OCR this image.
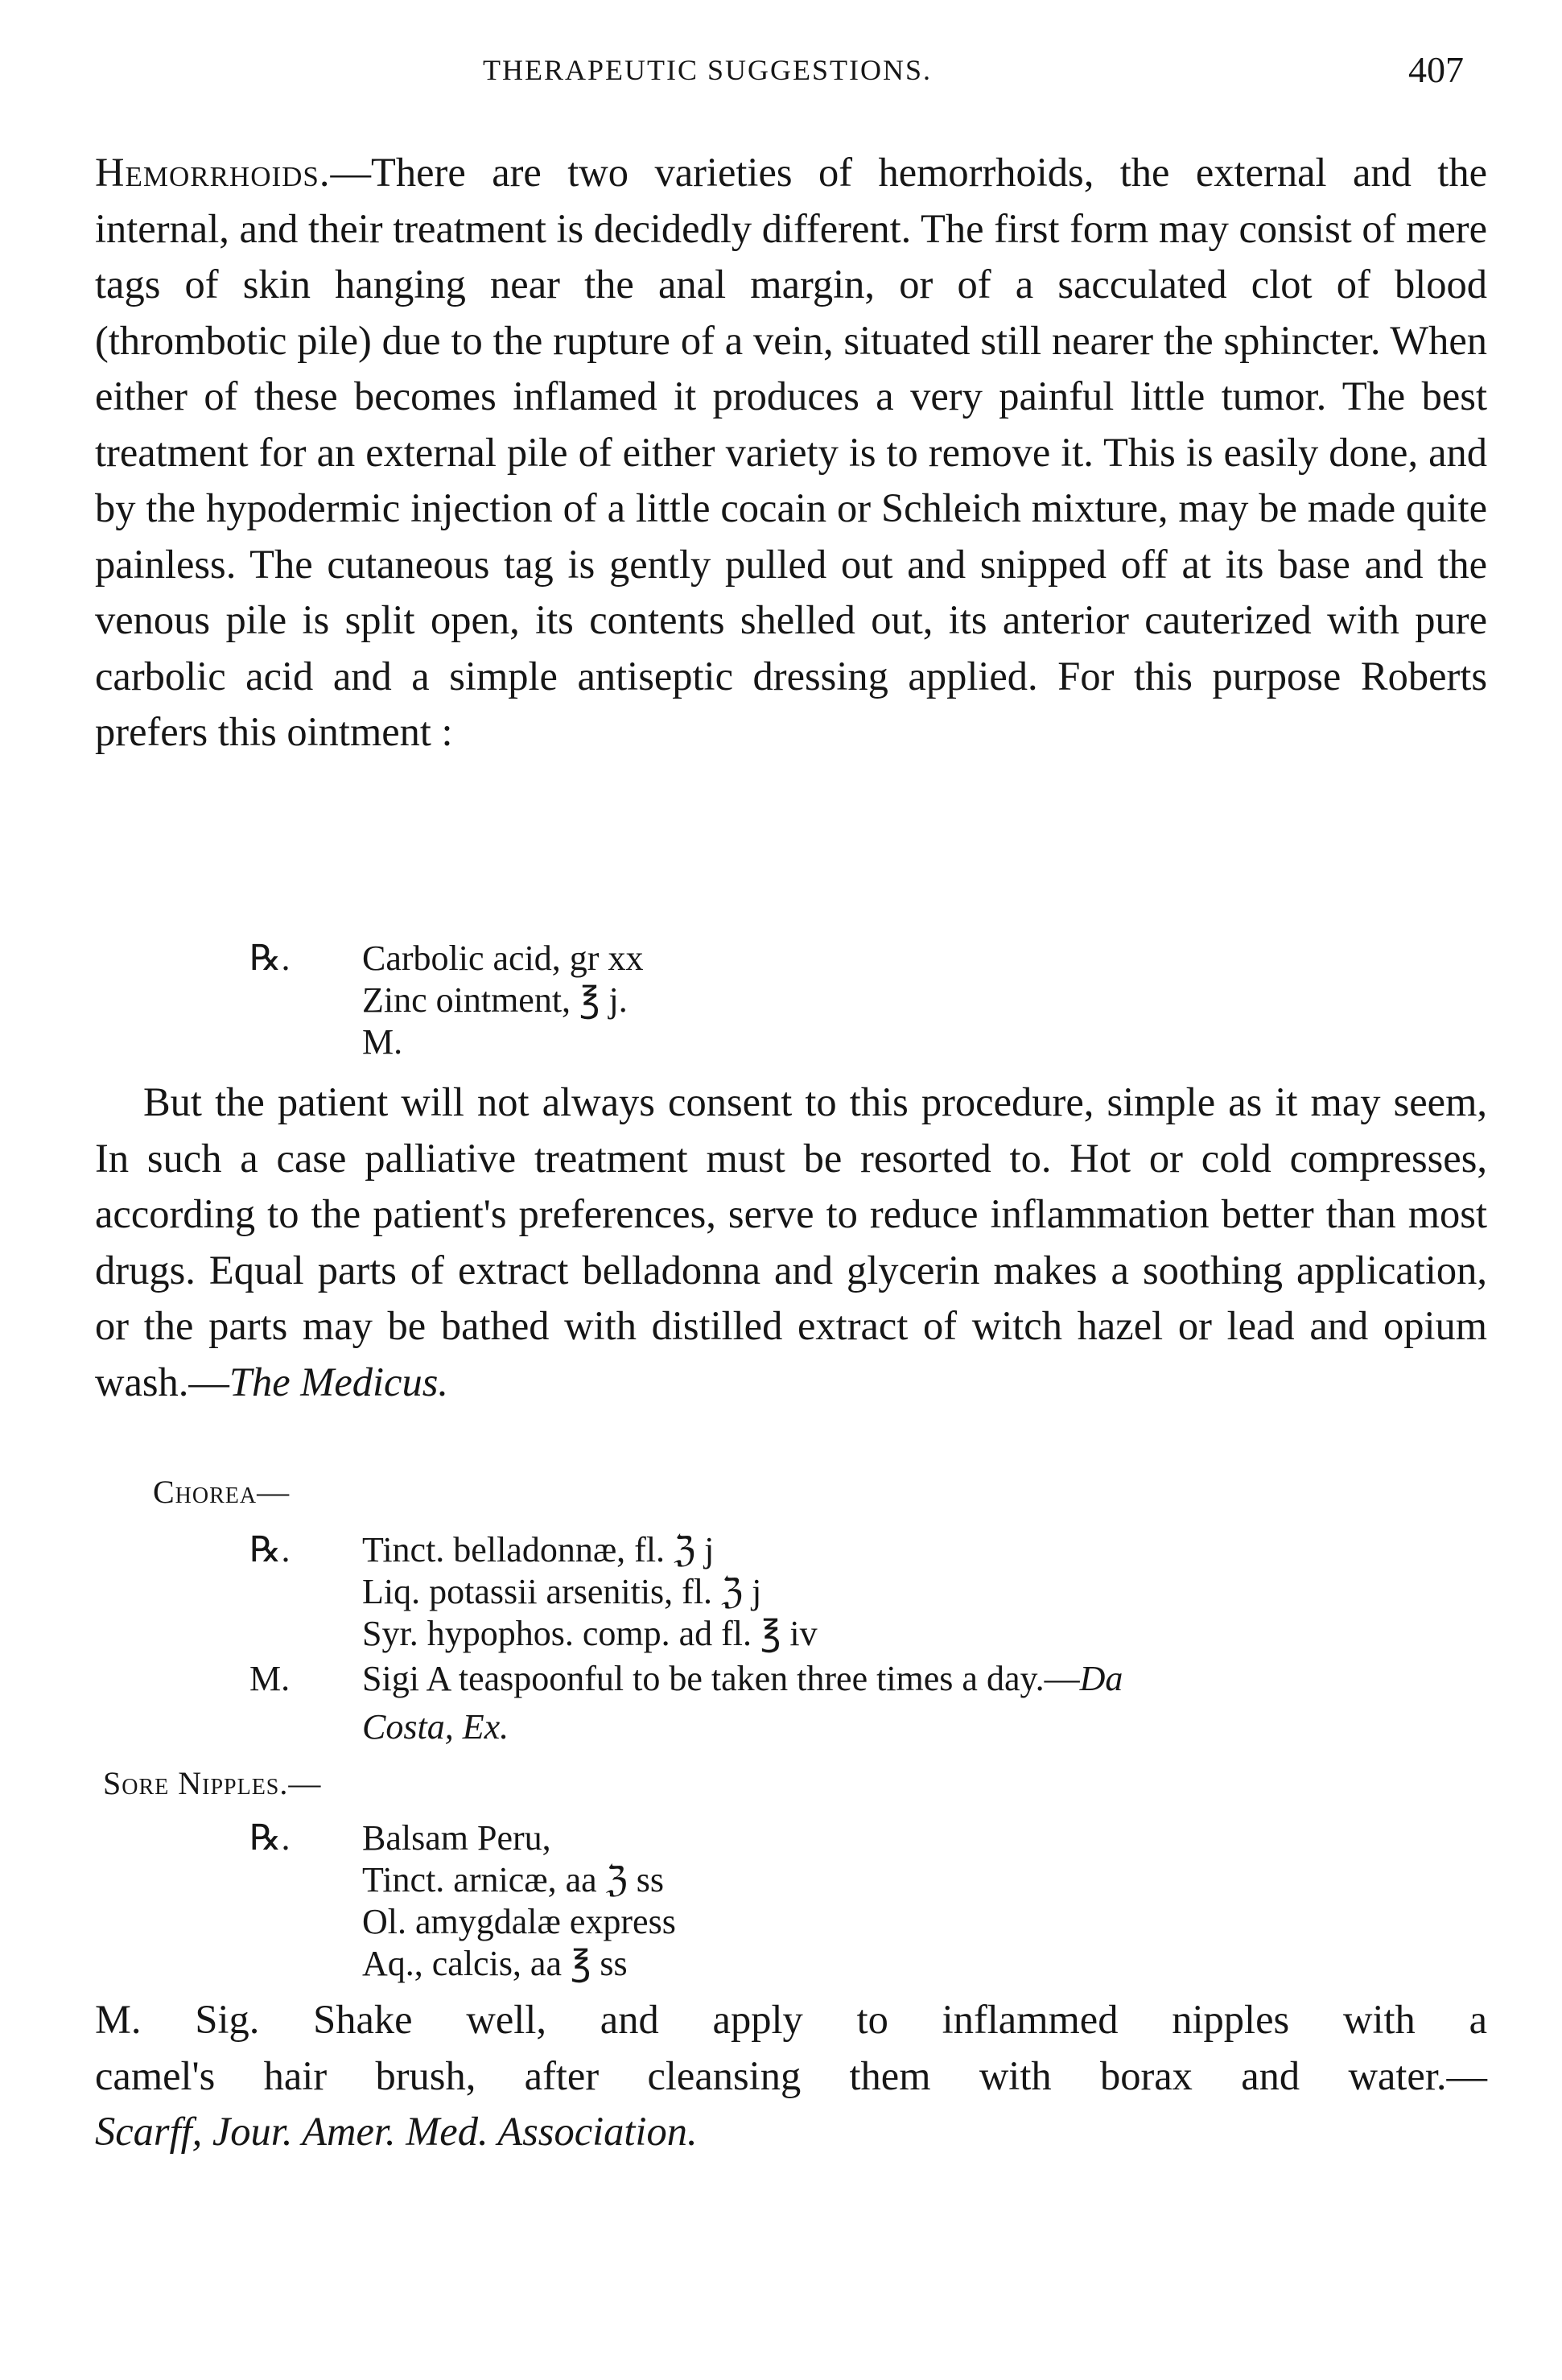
THERAPEUTIC SUGGESTIONS.	407

Hemorrhoids.—There are two varieties of hemorrhoids, the external and the internal, and their treatment is decidedly different. The first form may consist of mere tags of skin hanging near the anal margin, or of a sacculated clot of blood (thrombotic pile) due to the rupture of a vein, situated still nearer the sphincter. When either of these becomes inflamed it produces a very painful little tumor. The best treatment for an external pile of either variety is to remove it. This is easily done, and by the hypodermic injection of a little cocain or Schleich mixture, may be made quite painless. The cutaneous tag is gently pulled out and snipped off at its base and the venous pile is split open, its contents shelled out, its anterior cauterized with pure carbolic acid and a simple antiseptic dressing applied. For this purpose Roberts prefers this ointment :

℞. Carbolic acid, gr xx
Zinc ointment, ℥ j.
M.

But the patient will not always consent to this procedure, simple as it may seem, In such a case palliative treatment must be resorted to. Hot or cold compresses, according to the patient's preferences, serve to reduce inflammation better than most drugs. Equal parts of extract belladonna and glycerin makes a soothing application, or the parts may be bathed with distilled extract of witch hazel or lead and opium wash.—The Medicus.

Chorea—
℞. Tinct. belladonnæ, fl. ℨ j
Liq. potassii arsenitis, fl. ℨ j
Syr. hypophos. comp. ad fl. ℥ iv
M. Sigi A teaspoonful to be taken three times a day.—Da
Costa, Ex.
Sore Nipples.—
℞. Balsam Peru,
Tinct. arnicæ, aa ℨ ss
Ol. amygdalæ express
Aq., calcis, aa ℥ ss
M. Sig. Shake well, and apply to inflammed nipples with a
camel's hair brush, after cleansing them with borax and water.—
Scarff, Jour. Amer. Med. Association.
